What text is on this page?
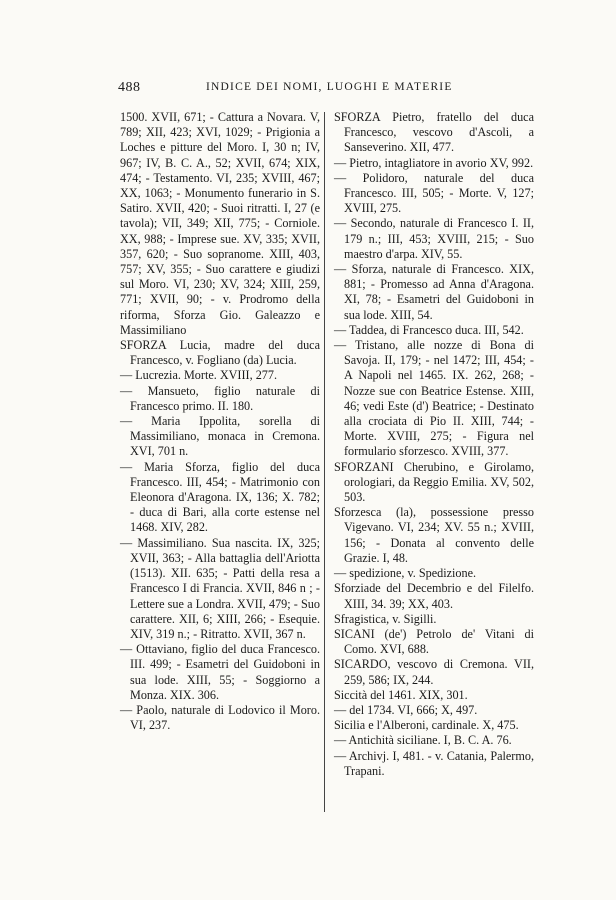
488	INDICE DEI NOMI, LUOGHI E MATERIE

1500. XVII, 671; - Cattura a Novara. V, 789; XII, 423; XVI, 1029; - Prigionia a Loches e pitture del Moro. I, 30 n; IV, 967; IV, B. C. A., 52; XVII, 674; XIX, 474; - Testamento. VI, 235; XVIII, 467; XX, 1063; - Monumento funerario in S. Satiro. XVII, 420; - Suoi ritratti. I, 27 (e tavola); VII, 349; XII, 775; - Corniole. XX, 988; - Imprese sue. XV, 335; XVII, 357, 620; - Suo sopranome. XIII, 403, 757; XV, 355; - Suo carattere e giudizi sul Moro. VI, 230; XV, 324; XIII, 259, 771; XVII, 90; - v. Prodromo della riforma, Sforza Gio. Galeazzo e Massimiliano

SFORZA Lucia, madre del duca Francesco, v. Fogliano (da) Lucia.

— Lucrezia. Morte. XVIII, 277.

— Mansueto, figlio naturale di Francesco primo. II. 180.

— Maria Ippolita, sorella di Massimiliano, monaca in Cremona. XVI, 701 n.

— Maria Sforza, figlio del duca Francesco. III, 454; - Matrimonio con Eleonora d'Aragona. IX, 136; X. 782; - duca di Bari, alla corte estense nel 1468. XIV, 282.

— Massimiliano. Sua nascita. IX, 325; XVII, 363; - Alla battaglia dell'Ariotta (1513). XII. 635; - Patti della resa a Francesco I di Francia. XVII, 846 n ; - Lettere sue a Londra. XVII, 479; - Suo carattere. XII, 6; XIII, 266; - Esequie. XIV, 319 n.; - Ritratto. XVII, 367 n.

— Ottaviano, figlio del duca Francesco. III. 499; - Esametri del Guidoboni in sua lode. XIII, 55; - Soggiorno a Monza. XIX. 306.

— Paolo, naturale di Lodovico il Moro. VI, 237.

SFORZA Pietro, fratello del duca Francesco, vescovo d'Ascoli, a Sanseverino. XII, 477.

— Pietro, intagliatore in avorio XV, 992.

— Polidoro, naturale del duca Francesco. III, 505; - Morte. V, 127; XVIII, 275.

— Secondo, naturale di Francesco I. II, 179 n.; III, 453; XVIII, 215; - Suo maestro d'arpa. XIV, 55.

— Sforza, naturale di Francesco. XIX, 881; - Promesso ad Anna d'Aragona. XI, 78; - Esametri del Guidoboni in sua lode. XIII, 54.

— Taddea, di Francesco duca. III, 542.

— Tristano, alle nozze di Bona di Savoja. II, 179; - nel 1472; III, 454; - A Napoli nel 1465. IX. 262, 268; - Nozze sue con Beatrice Estense. XIII, 46; vedi Este (d') Beatrice; - Destinato alla crociata di Pio II. XIII, 744; - Morte. XVIII, 275; - Figura nel formulario sforzesco. XVIII, 377.

SFORZANI Cherubino, e Girolamo, orologiari, da Reggio Emilia. XV, 502, 503.

Sforzesca (la), possessione presso Vigevano. VI, 234; XV. 55 n.; XVIII, 156; - Donata al convento delle Grazie. I, 48.

— spedizione, v. Spedizione.

Sforziade del Decembrio e del Filelfo. XIII, 34. 39; XX, 403.

Sfragistica, v. Sigilli.

SICANI (de') Petrolo de' Vitani di Como. XVI, 688.

SICARDO, vescovo di Cremona. VII, 259, 586; IX, 244.

Siccità del 1461. XIX, 301.

— del 1734. VI, 666; X, 497.

Sicilia e l'Alberoni, cardinale. X, 475.

— Antichità siciliane. I, B. C. A. 76.

— Archivj. I, 481. - v. Catania, Palermo, Trapani.
